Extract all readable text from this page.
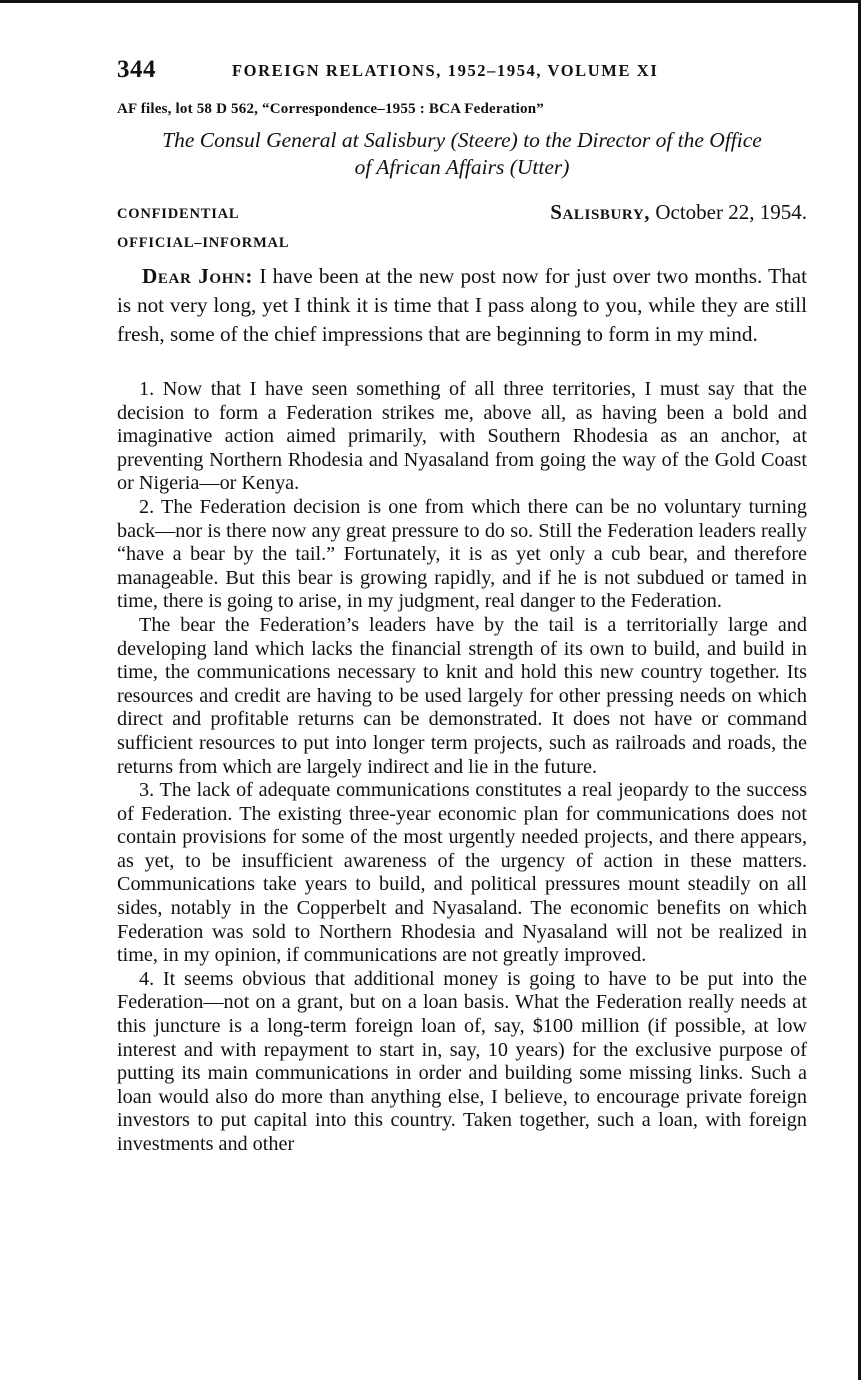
344	FOREIGN RELATIONS, 1952–1954, VOLUME XI
AF files, lot 58 D 562, “Correspondence–1955 : BCA Federation”
The Consul General at Salisbury (Steere) to the Director of the Office
of African Affairs (Utter)
CONFIDENTIAL
OFFICIAL–INFORMAL
Salisbury, October 22, 1954.
Dear John: I have been at the new post now for just over two months. That is not very long, yet I think it is time that I pass along to you, while they are still fresh, some of the chief impressions that are beginning to form in my mind.

1. Now that I have seen something of all three territories, I must say that the decision to form a Federation strikes me, above all, as having been a bold and imaginative action aimed primarily, with Southern Rhodesia as an anchor, at preventing Northern Rhodesia and Nyasaland from going the way of the Gold Coast or Nigeria—or Kenya.

2. The Federation decision is one from which there can be no voluntary turning back—nor is there now any great pressure to do so. Still the Federation leaders really “have a bear by the tail.” Fortunately, it is as yet only a cub bear, and therefore manageable. But this bear is growing rapidly, and if he is not subdued or tamed in time, there is going to arise, in my judgment, real danger to the Federation.

The bear the Federation’s leaders have by the tail is a territorially large and developing land which lacks the financial strength of its own to build, and build in time, the communications necessary to knit and hold this new country together. Its resources and credit are having to be used largely for other pressing needs on which direct and profitable returns can be demonstrated. It does not have or command sufficient resources to put into longer term projects, such as railroads and roads, the returns from which are largely indirect and lie in the future.

3. The lack of adequate communications constitutes a real jeopardy to the success of Federation. The existing three-year economic plan for communications does not contain provisions for some of the most urgently needed projects, and there appears, as yet, to be insufficient awareness of the urgency of action in these matters. Communications take years to build, and political pressures mount steadily on all sides, notably in the Copperbelt and Nyasaland. The economic benefits on which Federation was sold to Northern Rhodesia and Nyasaland will not be realized in time, in my opinion, if communications are not greatly improved.

4. It seems obvious that additional money is going to have to be put into the Federation—not on a grant, but on a loan basis. What the Federation really needs at this juncture is a long-term foreign loan of, say, $100 million (if possible, at low interest and with repayment to start in, say, 10 years) for the exclusive purpose of putting its main communications in order and building some missing links. Such a loan would also do more than anything else, I believe, to encourage private foreign investors to put capital into this country. Taken together, such a loan, with foreign investments and other
